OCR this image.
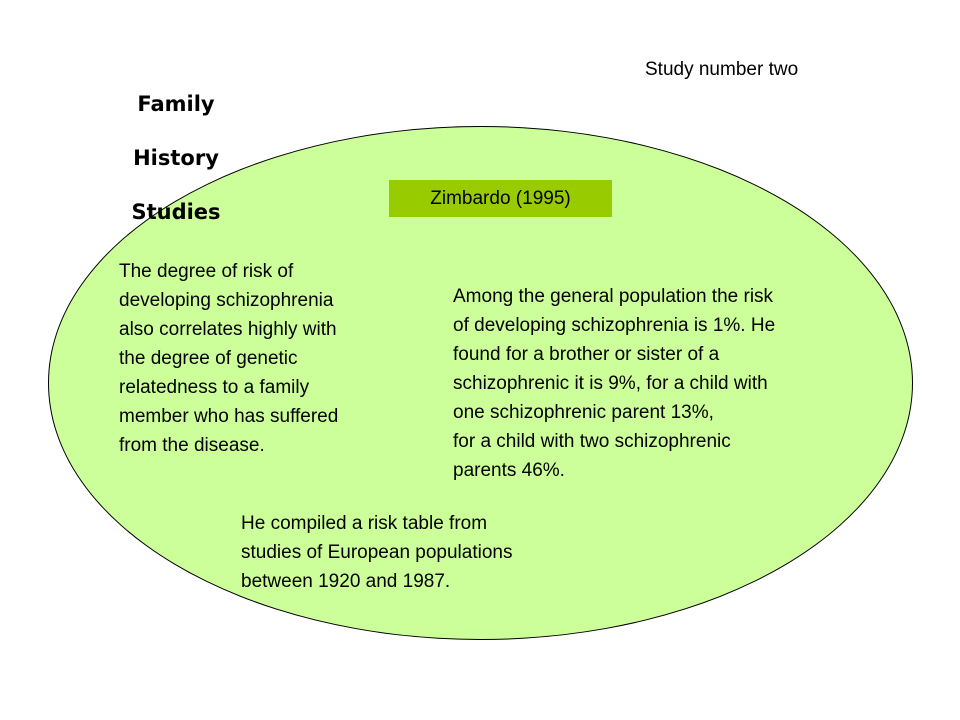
Family

History

Studies

Study number two
Zimbardo (1995)
The degree of risk of
developing schizophrenia
also correlates highly with
the degree of genetic
relatedness to a family
member who has suffered
from the disease.
Among the general population the risk
of developing schizophrenia is 1%. He
found for a brother or sister of a
schizophrenic it is 9%, for a child with
one schizophrenic parent 13%,
for a child with two schizophrenic
parents 46%.
He compiled a risk table from
studies of European populations
between 1920 and 1987.
